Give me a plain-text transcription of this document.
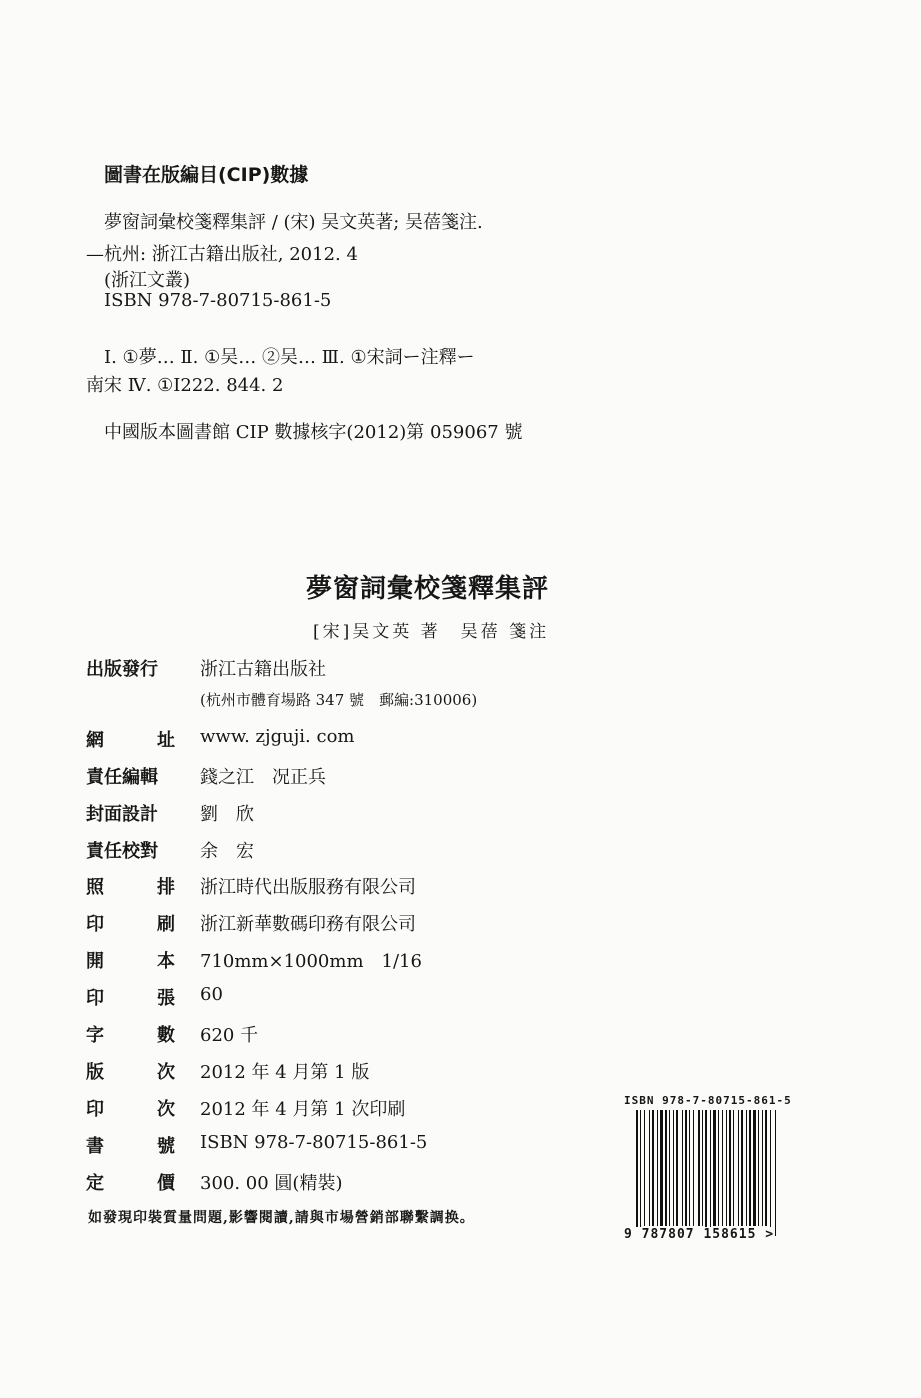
圖書在版編目(CIP)數據
夢窗詞彙校箋釋集評 / (宋) 吴文英著; 吴蓓箋注.
—杭州: 浙江古籍出版社, 2012. 4
(浙江文叢)
ISBN 978-7-80715-861-5
Ⅰ. ①夢… Ⅱ. ①吴… ②吴… Ⅲ. ①宋詞ー注釋ー
南宋 Ⅳ. ①I222. 844. 2
中國版本圖書館 CIP 數據核字(2012)第 059067 號
夢窗詞彙校箋釋集評
[宋]吴文英 著　吴蓓 箋注
出版發行	浙江古籍出版社
(杭州市體育場路 347 號　郵編:310006)
網	址 www. zjguji. com
責任編輯	錢之江　况正兵
封面設計	劉　欣
責任校對	余　宏
照	排 浙江時代出版服務有限公司
印	刷 浙江新華數碼印務有限公司
開	本 710mm×1000mm　1/16
印	張 60
字	數 620 千
版	次 2012 年 4 月第 1 版
印	次 2012 年 4 月第 1 次印刷
書	號 ISBN 978-7-80715-861-5
定	價 300. 00 圓(精裝)
如發現印裝質量問題,影響閱讀,請與市場營銷部聯繫調换。
ISBN 978-7-80715-861-5
9 787807 158615 >
